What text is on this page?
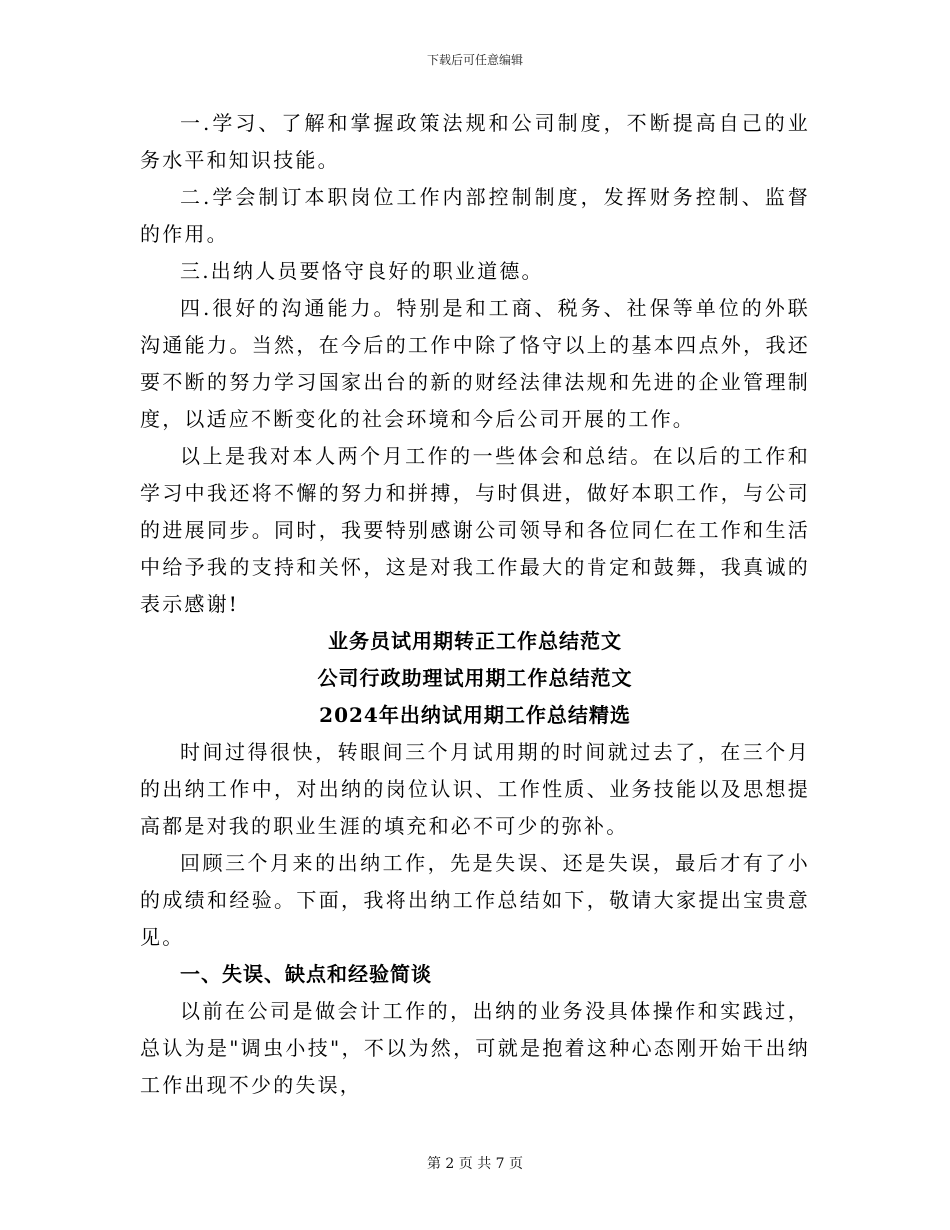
下载后可任意编辑

一.学习、了解和掌握政策法规和公司制度，不断提高自己的业务水平和知识技能。

二.学会制订本职岗位工作内部控制制度，发挥财务控制、监督的作用。

三.出纳人员要恪守良好的职业道德。

四.很好的沟通能力。特别是和工商、税务、社保等单位的外联沟通能力。当然，在今后的工作中除了恪守以上的基本四点外，我还要不断的努力学习国家出台的新的财经法律法规和先进的企业管理制度，以适应不断变化的社会环境和今后公司开展的工作。

以上是我对本人两个月工作的一些体会和总结。在以后的工作和学习中我还将不懈的努力和拼搏，与时俱进，做好本职工作，与公司的进展同步。同时，我要特别感谢公司领导和各位同仁在工作和生活中给予我的支持和关怀，这是对我工作最大的肯定和鼓舞，我真诚的表示感谢!

业务员试用期转正工作总结范文

公司行政助理试用期工作总结范文

2024年出纳试用期工作总结精选

时间过得很快，转眼间三个月试用期的时间就过去了，在三个月的出纳工作中，对出纳的岗位认识、工作性质、业务技能以及思想提高都是对我的职业生涯的填充和必不可少的弥补。

回顾三个月来的出纳工作，先是失误、还是失误，最后才有了小的成绩和经验。下面，我将出纳工作总结如下，敬请大家提出宝贵意见。

一、失误、缺点和经验简谈

以前在公司是做会计工作的，出纳的业务没具体操作和实践过，总认为是"调虫小技"，不以为然，可就是抱着这种心态刚开始干出纳工作出现不少的失误，

第 2 页 共 7 页
